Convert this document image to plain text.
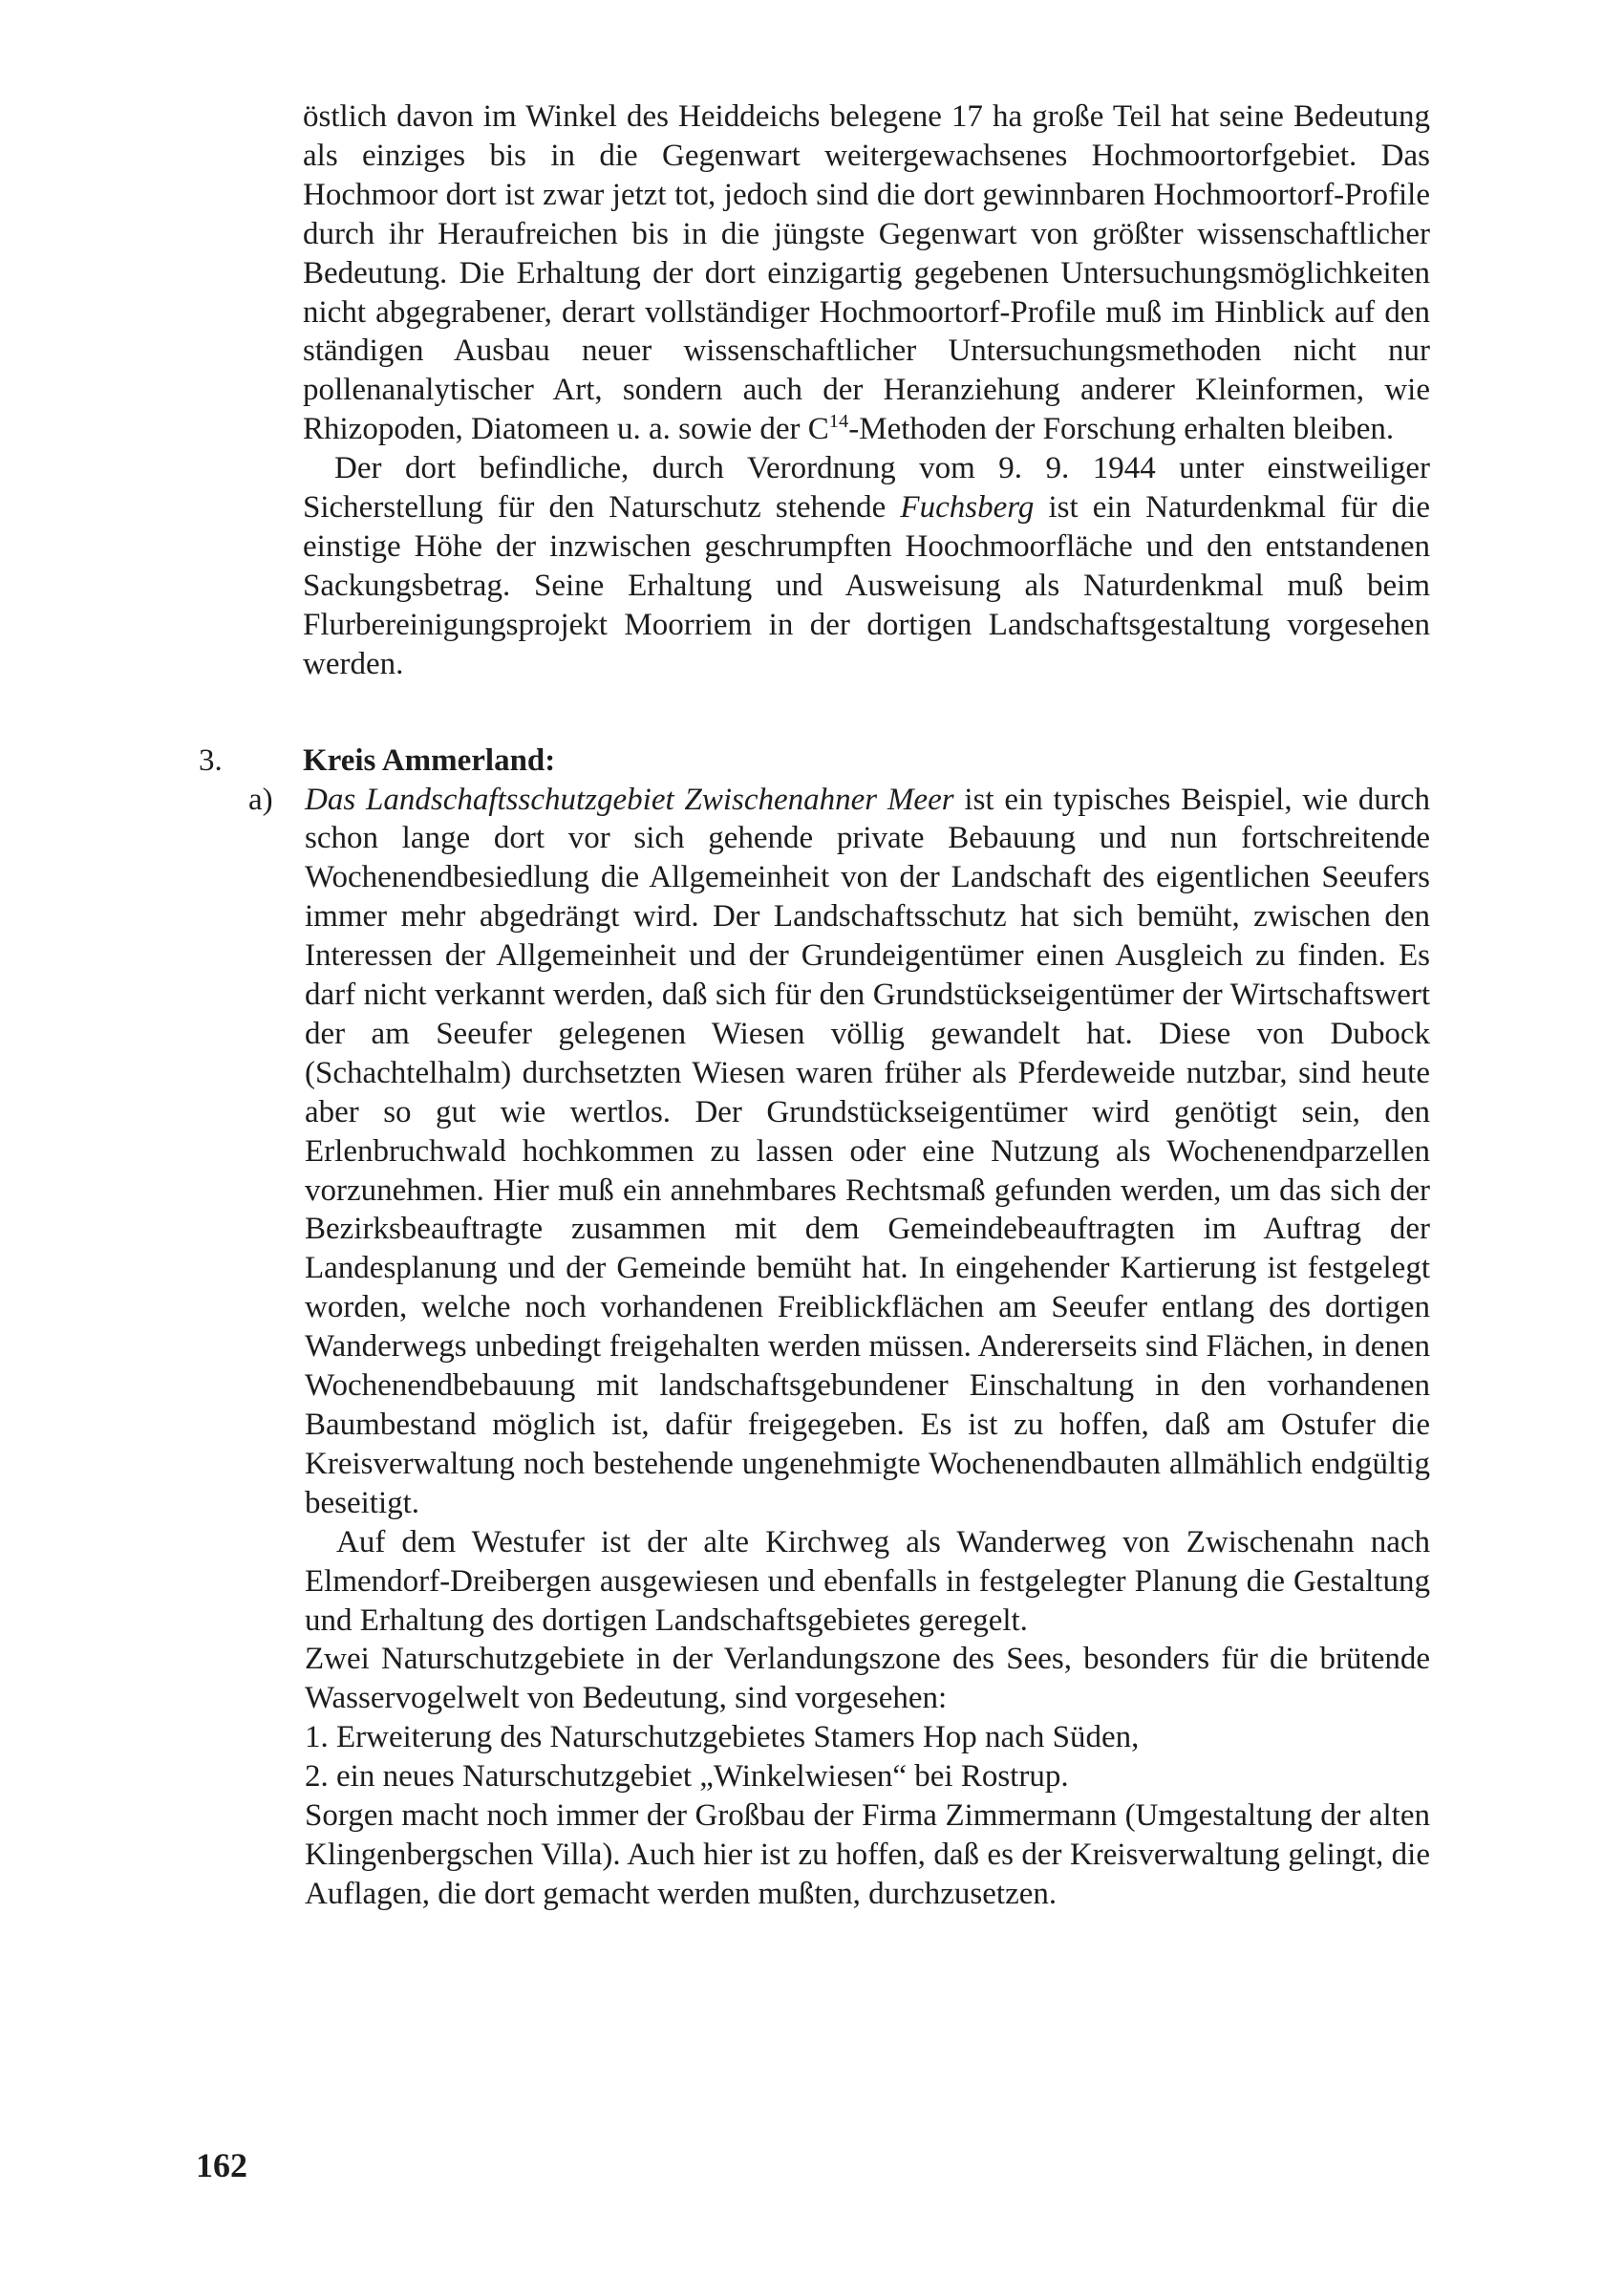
östlich davon im Winkel des Heiddeichs belegene 17 ha große Teil hat seine Bedeutung als einziges bis in die Gegenwart weitergewachsenes Hochmoortorfgebiet. Das Hochmoor dort ist zwar jetzt tot, jedoch sind die dort gewinnbaren Hochmoortorf-Profile durch ihr Heraufreichen bis in die jüngste Gegenwart von größter wissenschaftlicher Bedeutung. Die Erhaltung der dort einzigartig gegebenen Untersuchungsmöglichkeiten nicht abgegrabener, derart vollständiger Hochmoortorf-Profile muß im Hinblick auf den ständigen Ausbau neuer wissenschaftlicher Untersuchungsmethoden nicht nur pollenanalytischer Art, sondern auch der Heranziehung anderer Kleinformen, wie Rhizopoden, Diatomeen u. a. sowie der $C^{14}$-Methoden der Forschung erhalten bleiben.

Der dort befindliche, durch Verordnung vom 9. 9. 1944 unter einstweiliger Sicherstellung für den Naturschutz stehende Fuchsberg ist ein Naturdenkmal für die einstige Höhe der inzwischen geschrumpften Hoochmoorfläche und den entstandenen Sackungsbetrag. Seine Erhaltung und Ausweisung als Naturdenkmal muß beim Flurbereinigungsprojekt Moorriem in der dortigen Landschaftsgestaltung vorgesehen werden.

3.	Kreis Ammerland:

a) Das Landschaftsschutzgebiet Zwischenahner Meer ist ein typisches Beispiel, wie durch schon lange dort vor sich gehende private Bebauung und nun fortschreitende Wochenendbesiedlung die Allgemeinheit von der Landschaft des eigentlichen Seeufers immer mehr abgedrängt wird. Der Landschaftsschutz hat sich bemüht, zwischen den Interessen der Allgemeinheit und der Grundeigentümer einen Ausgleich zu finden. Es darf nicht verkannt werden, daß sich für den Grundstückseigentümer der Wirtschaftswert der am Seeufer gelegenen Wiesen völlig gewandelt hat. Diese von Dubock (Schachtelhalm) durchsetzten Wiesen waren früher als Pferdeweide nutzbar, sind heute aber so gut wie wertlos. Der Grundstückseigentümer wird genötigt sein, den Erlenbruchwald hochkommen zu lassen oder eine Nutzung als Wochenendparzellen vorzunehmen. Hier muß ein annehmbares Rechtsmaß gefunden werden, um das sich der Bezirksbeauftragte zusammen mit dem Gemeindebeauftragten im Auftrag der Landesplanung und der Gemeinde bemüht hat. In eingehender Kartierung ist festgelegt worden, welche noch vorhandenen Freiblickflächen am Seeufer entlang des dortigen Wanderwegs unbedingt freigehalten werden müssen. Andererseits sind Flächen, in denen Wochenendbebauung mit landschaftsgebundener Einschaltung in den vorhandenen Baumbestand möglich ist, dafür freigegeben. Es ist zu hoffen, daß am Ostufer die Kreisverwaltung noch bestehende ungenehmigte Wochenendbauten allmählich endgültig beseitigt.

Auf dem Westufer ist der alte Kirchweg als Wanderweg von Zwischenahn nach Elmendorf-Dreibergen ausgewiesen und ebenfalls in festgelegter Planung die Gestaltung und Erhaltung des dortigen Landschaftsgebietes geregelt.

Zwei Naturschutzgebiete in der Verlandungszone des Sees, besonders für die brütende Wasservogelwelt von Bedeutung, sind vorgesehen:

1. Erweiterung des Naturschutzgebietes Stamers Hop nach Süden,

2. ein neues Naturschutzgebiet „Winkelwiesen“ bei Rostrup.

Sorgen macht noch immer der Großbau der Firma Zimmermann (Umgestaltung der alten Klingenbergschen Villa). Auch hier ist zu hoffen, daß es der Kreisverwaltung gelingt, die Auflagen, die dort gemacht werden mußten, durchzusetzen.

162
